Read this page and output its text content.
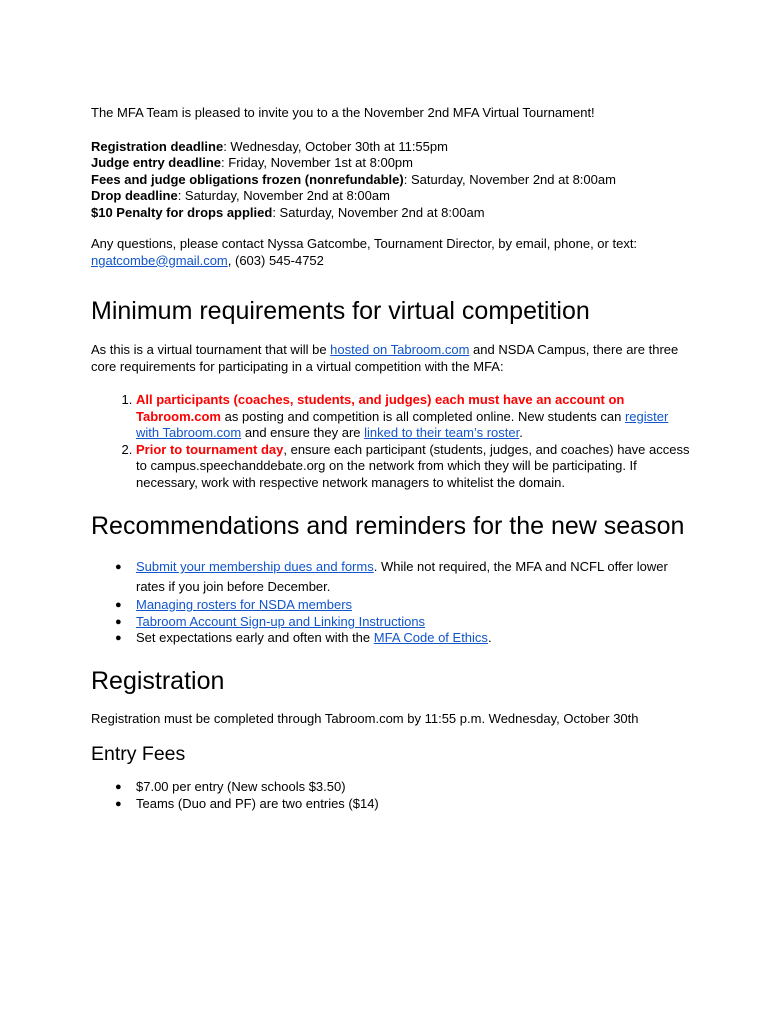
The MFA Team is pleased to invite you to a the November 2nd MFA Virtual Tournament!

Registration deadline: Wednesday, October 30th at 11:55pm
Judge entry deadline: Friday, November 1st at 8:00pm
Fees and judge obligations frozen (nonrefundable): Saturday, November 2nd at 8:00am
Drop deadline: Saturday, November 2nd at 8:00am
$10 Penalty for drops applied: Saturday, November 2nd at 8:00am

Any questions, please contact Nyssa Gatcombe, Tournament Director, by email, phone, or text:
ngatcombe@gmail.com, (603) 545-4752

Minimum requirements for virtual competition

As this is a virtual tournament that will be hosted on Tabroom.com and NSDA Campus, there are three core requirements for participating in a virtual competition with the MFA:

1. All participants (coaches, students, and judges) each must have an account on Tabroom.com as posting and competition is all completed online. New students can register with Tabroom.com and ensure they are linked to their team’s roster.
2. Prior to tournament day, ensure each participant (students, judges, and coaches) have access to campus.speechanddebate.org on the network from which they will be participating. If necessary, work with respective network managers to whitelist the domain.
Recommendations and reminders for the new season
● Submit your membership dues and forms. While not required, the MFA and NCFL offer lower rates if you join before December.
● Managing rosters for NSDA members
● Tabroom Account Sign-up and Linking Instructions
● Set expectations early and often with the MFA Code of Ethics.
Registration

Registration must be completed through Tabroom.com by 11:55 p.m. Wednesday, October 30th

Entry Fees
● $7.00 per entry (New schools $3.50)
● Teams (Duo and PF) are two entries ($14)
